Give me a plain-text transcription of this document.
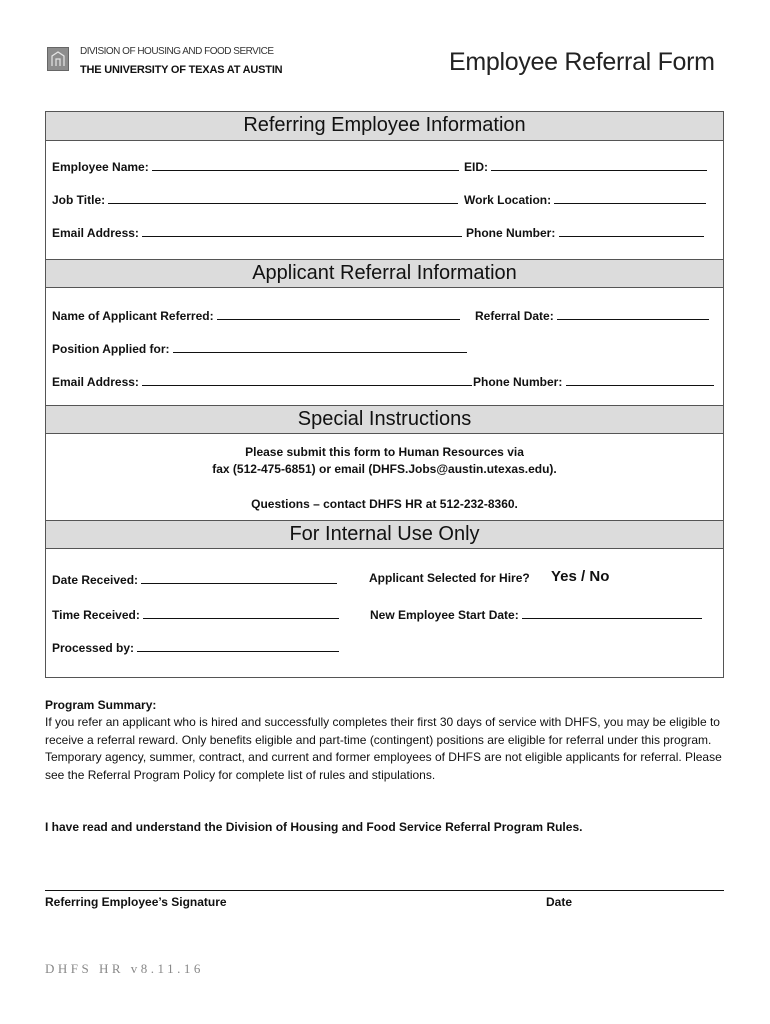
DIVISION OF HOUSING AND FOOD SERVICE
THE UNIVERSITY OF TEXAS AT AUSTIN	Employee Referral Form
Referring Employee Information
Employee Name:	EID:
Job Title:	Work Location:
Email Address:	Phone Number:
Applicant Referral Information
Name of Applicant Referred:	Referral Date:
Position Applied for:
Email Address:	Phone Number:
Special Instructions
Please submit this form to Human Resources via
fax (512-475-6851) or email (DHFS.Jobs@austin.utexas.edu).
Questions – contact DHFS HR at 512-232-8360.
For Internal Use Only
Date Received:	Applicant Selected for Hire? Yes / No
Time Received:	New Employee Start Date:
Processed by:
Program Summary:
If you refer an applicant who is hired and successfully completes their first 30 days of service with DHFS, you may be eligible to receive a referral reward. Only benefits eligible and part-time (contingent) positions are eligible for referral under this program. Temporary agency, summer, contract, and current and former employees of DHFS are not eligible applicants for referral. Please see the Referral Program Policy for complete list of rules and stipulations.
I have read and understand the Division of Housing and Food Service Referral Program Rules.
Referring Employee’s Signature	Date
DHFS HR v8.11.16
